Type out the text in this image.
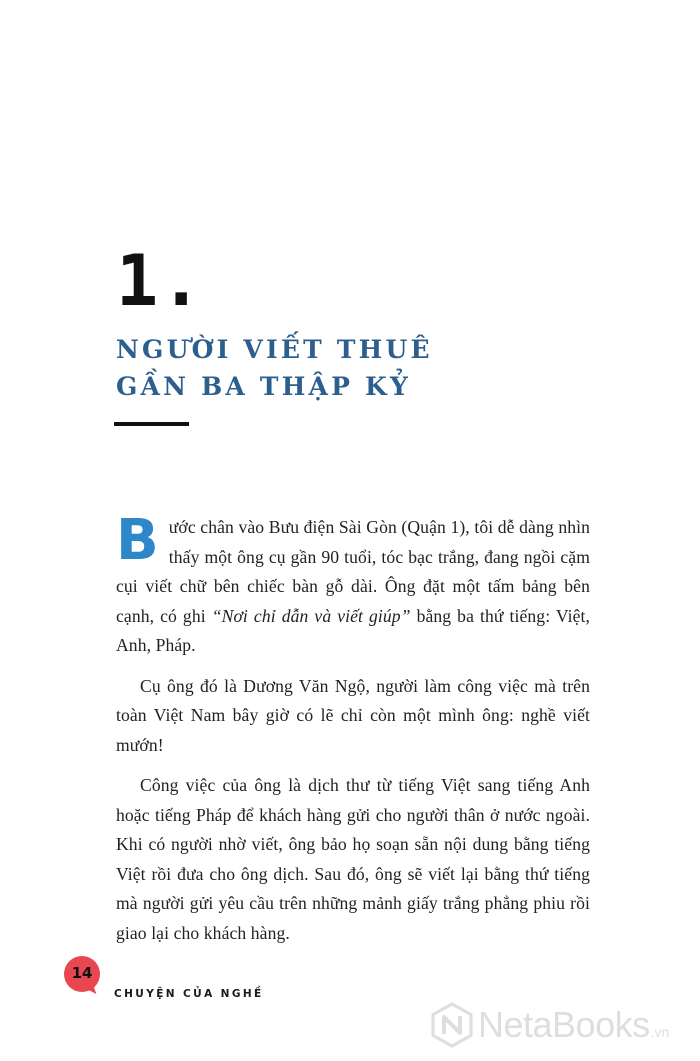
1.
NGƯỜI VIẾT THUÊ
GẦN BA THẬP KỶ

Bước chân vào Bưu điện Sài Gòn (Quận 1), tôi dễ dàng nhìn thấy một ông cụ gần 90 tuổi, tóc bạc trắng, đang ngồi cặm cụi viết chữ bên chiếc bàn gỗ dài. Ông đặt một tấm bảng bên cạnh, có ghi “Nơi chỉ dẫn và viết giúp” bằng ba thứ tiếng: Việt, Anh, Pháp.

Cụ ông đó là Dương Văn Ngộ, người làm công việc mà trên toàn Việt Nam bây giờ có lẽ chỉ còn một mình ông: nghề viết mướn!

Công việc của ông là dịch thư từ tiếng Việt sang tiếng Anh hoặc tiếng Pháp để khách hàng gửi cho người thân ở nước ngoài. Khi có người nhờ viết, ông bảo họ soạn sẵn nội dung bằng tiếng Việt rồi đưa cho ông dịch. Sau đó, ông sẽ viết lại bằng thứ tiếng mà người gửi yêu cầu trên những mảnh giấy trắng phẳng phiu rồi giao lại cho khách hàng.

14
CHUYỆN CỦA NGHỀ
NetaBooks .vn
